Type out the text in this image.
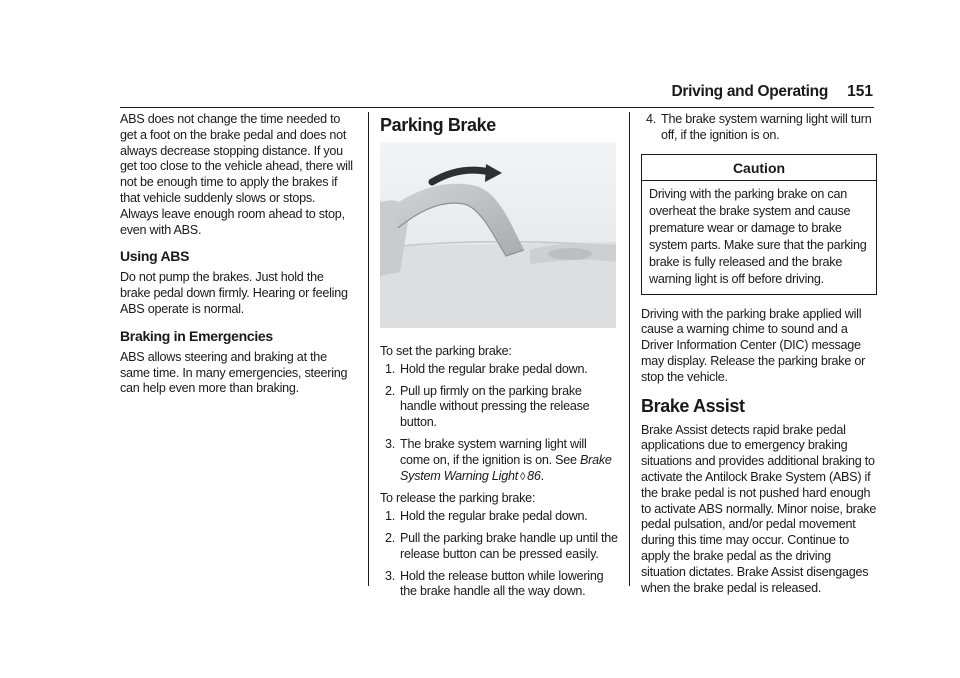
Driving and Operating 151

ABS does not change the time needed to get a foot on the brake pedal and does not always decrease stopping distance. If you get too close to the vehicle ahead, there will not be enough time to apply the brakes if that vehicle suddenly slows or stops. Always leave enough room ahead to stop, even with ABS.

Using ABS

Do not pump the brakes. Just hold the brake pedal down firmly. Hearing or feeling ABS operate is normal.

Braking in Emergencies

ABS allows steering and braking at the same time. In many emergencies, steering can help even more than braking.

Parking Brake

To set the parking brake:

1. Hold the regular brake pedal down.
2. Pull up firmly on the parking brake handle without pressing the release button.
3. The brake system warning light will come on, if the ignition is on. See Brake System Warning Light ◊ 86.

To release the parking brake:

1. Hold the regular brake pedal down.
2. Pull the parking brake handle up until the release button can be pressed easily.
3. Hold the release button while lowering the brake handle all the way down.
4. The brake system warning light will turn off, if the ignition is on.
Caution
Driving with the parking brake on can overheat the brake system and cause premature wear or damage to brake system parts. Make sure that the parking brake is fully released and the brake warning light is off before driving.

Driving with the parking brake applied will cause a warning chime to sound and a Driver Information Center (DIC) message may display. Release the parking brake or stop the vehicle.

Brake Assist

Brake Assist detects rapid brake pedal applications due to emergency braking situations and provides additional braking to activate the Antilock Brake System (ABS) if the brake pedal is not pushed hard enough to activate ABS normally. Minor noise, brake pedal pulsation, and/or pedal movement during this time may occur. Continue to apply the brake pedal as the driving situation dictates. Brake Assist disengages when the brake pedal is released.
